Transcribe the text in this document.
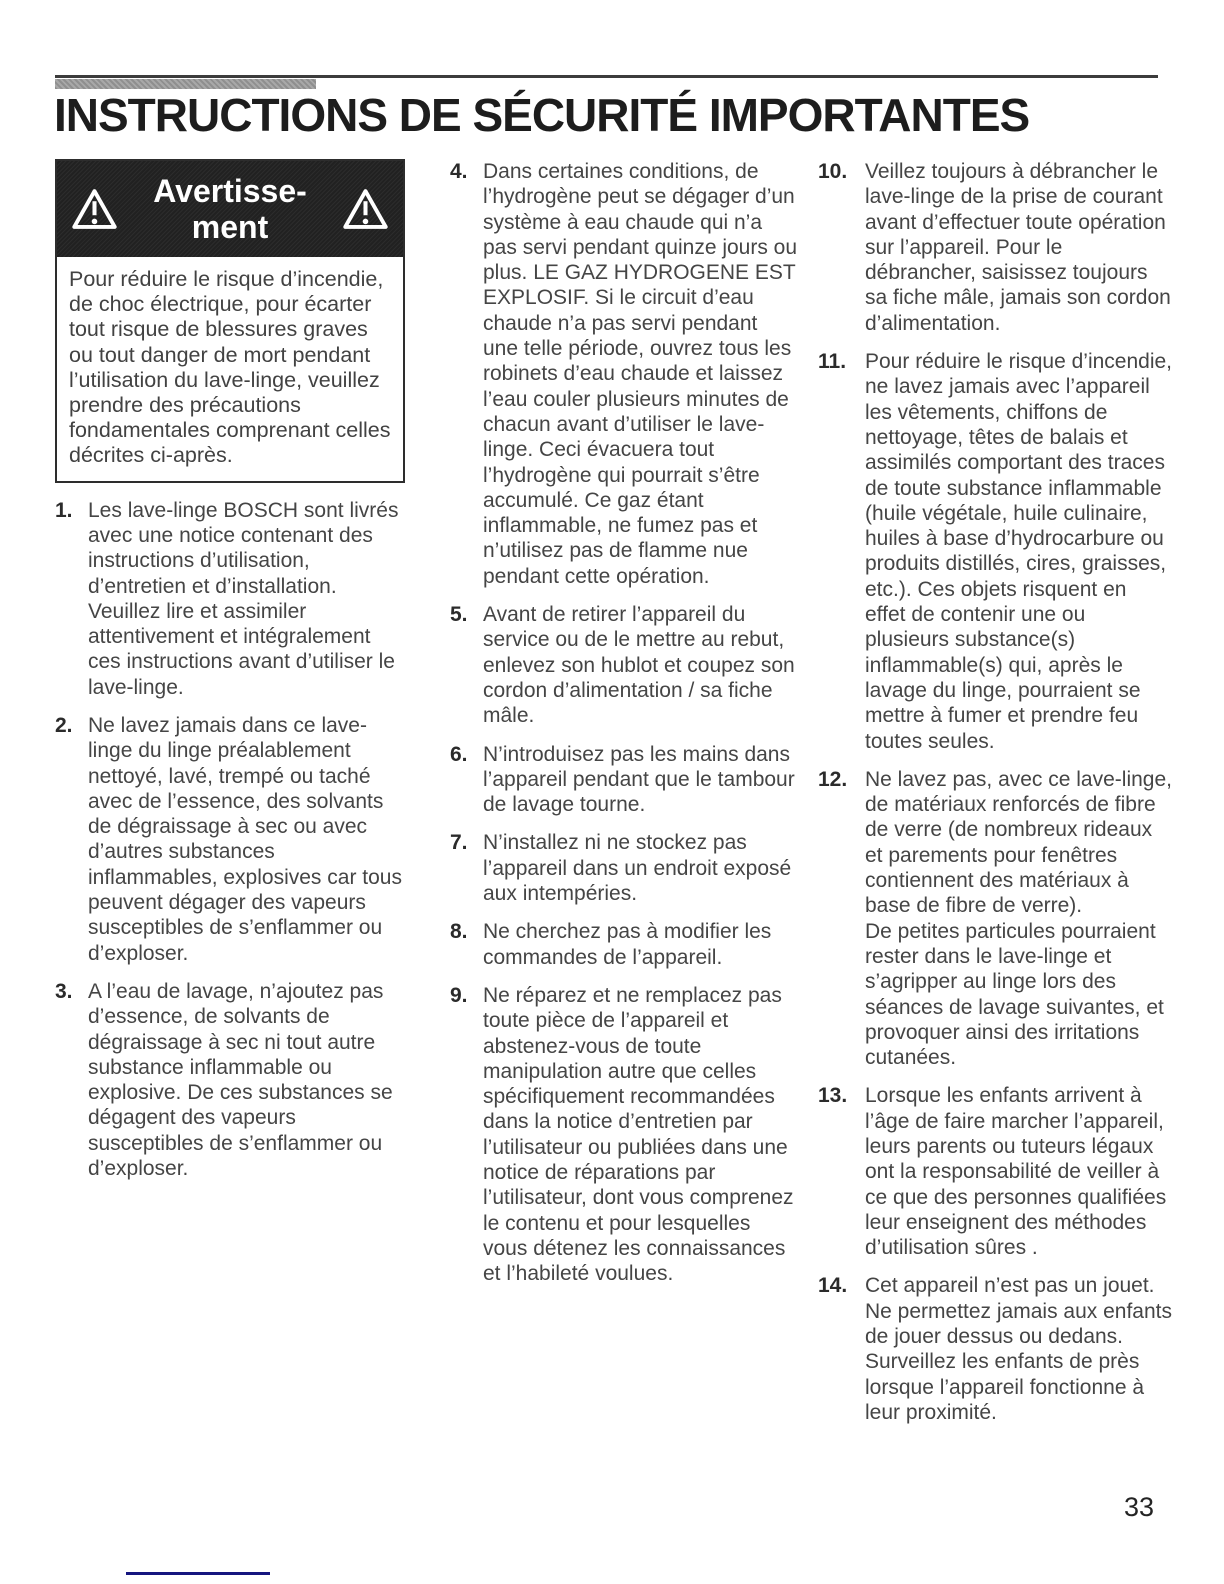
INSTRUCTIONS DE SÉCURITÉ IMPORTANTES
Avertisse-
ment
Pour réduire le risque d’incendie, de choc électrique, pour écarter tout risque de blessures graves ou tout danger de mort pendant l’utilisation du lave-linge, veuillez prendre des précautions fondamentales comprenant celles décrites ci-après.
1. Les lave-linge BOSCH sont livrés avec une notice contenant des instructions d’utilisation, d’entretien et d’installation. Veuillez lire et assimiler attentivement et intégralement ces instructions avant d’utiliser le lave-linge.
2. Ne lavez jamais dans ce lave-linge du linge préalablement nettoyé, lavé, trempé ou taché avec de l’essence, des solvants de dégraissage à sec ou avec d’autres substances inflammables, explosives car tous peuvent dégager des vapeurs susceptibles de s’enflammer ou d’exploser.
3. A l’eau de lavage, n’ajoutez pas d’essence, de solvants de dégraissage à sec ni tout autre substance inflammable ou explosive. De ces substances se dégagent des vapeurs susceptibles de s’enflammer ou d’exploser.
4. Dans certaines conditions, de l’hydrogène peut se dégager d’un système à eau chaude qui n’a pas servi pendant quinze jours ou plus. LE GAZ HYDROGENE EST EXPLOSIF. Si le circuit d’eau chaude n’a pas servi pendant une telle période, ouvrez tous les robinets d’eau chaude et laissez l’eau couler plusieurs minutes de chacun avant d’utiliser le lave-linge. Ceci évacuera tout l’hydrogène qui pourrait s’être accumulé. Ce gaz étant inflammable, ne fumez pas et n’utilisez pas de flamme nue pendant cette opération.
5. Avant de retirer l’appareil du service ou de le mettre au rebut, enlevez son hublot et coupez son cordon d’alimentation / sa fiche mâle.
6. N’introduisez pas les mains dans l’appareil pendant que le tambour de lavage tourne.
7. N’installez ni ne stockez pas l’appareil dans un endroit exposé aux intempéries.
8. Ne cherchez pas à modifier les commandes de l’appareil.
9. Ne réparez et ne remplacez pas toute pièce de l’appareil et abstenez-vous de toute manipulation autre que celles spécifiquement recommandées dans la notice d’entretien par l’utilisateur ou publiées dans une notice de réparations par l’utilisateur, dont vous comprenez le contenu et pour lesquelles vous détenez les connaissances et l’habileté voulues.
10. Veillez toujours à débrancher le lave-linge de la prise de courant avant d’effectuer toute opération sur l’appareil. Pour le débrancher, saisissez toujours sa fiche mâle, jamais son cordon d’alimentation.
11. Pour réduire le risque d’incendie, ne lavez jamais avec l’appareil les vêtements, chiffons de nettoyage, têtes de balais et assimilés comportant des traces de toute substance inflammable (huile végétale, huile culinaire, huiles à base d’hydrocarbure ou produits distillés, cires, graisses, etc.). Ces objets risquent en effet de contenir une ou plusieurs substance(s) inflammable(s) qui, après le lavage du linge, pourraient se mettre à fumer et prendre feu toutes seules.
12. Ne lavez pas, avec ce lave-linge, de matériaux renforcés de fibre de verre (de nombreux rideaux et parements pour fenêtres contiennent des matériaux à base de fibre de verre).
De petites particules pourraient rester dans le lave-linge et s’agripper au linge lors des séances de lavage suivantes, et provoquer ainsi des irritations cutanées.
13. Lorsque les enfants arrivent à l’âge de faire marcher l’appareil, leurs parents ou tuteurs légaux ont la responsabilité de veiller à ce que des personnes qualifiées leur enseignent des méthodes d’utilisation sûres .
14. Cet appareil n’est pas un jouet. Ne permettez jamais aux enfants de jouer dessus ou dedans. Surveillez les enfants de près lorsque l’appareil fonctionne à leur proximité.
33
